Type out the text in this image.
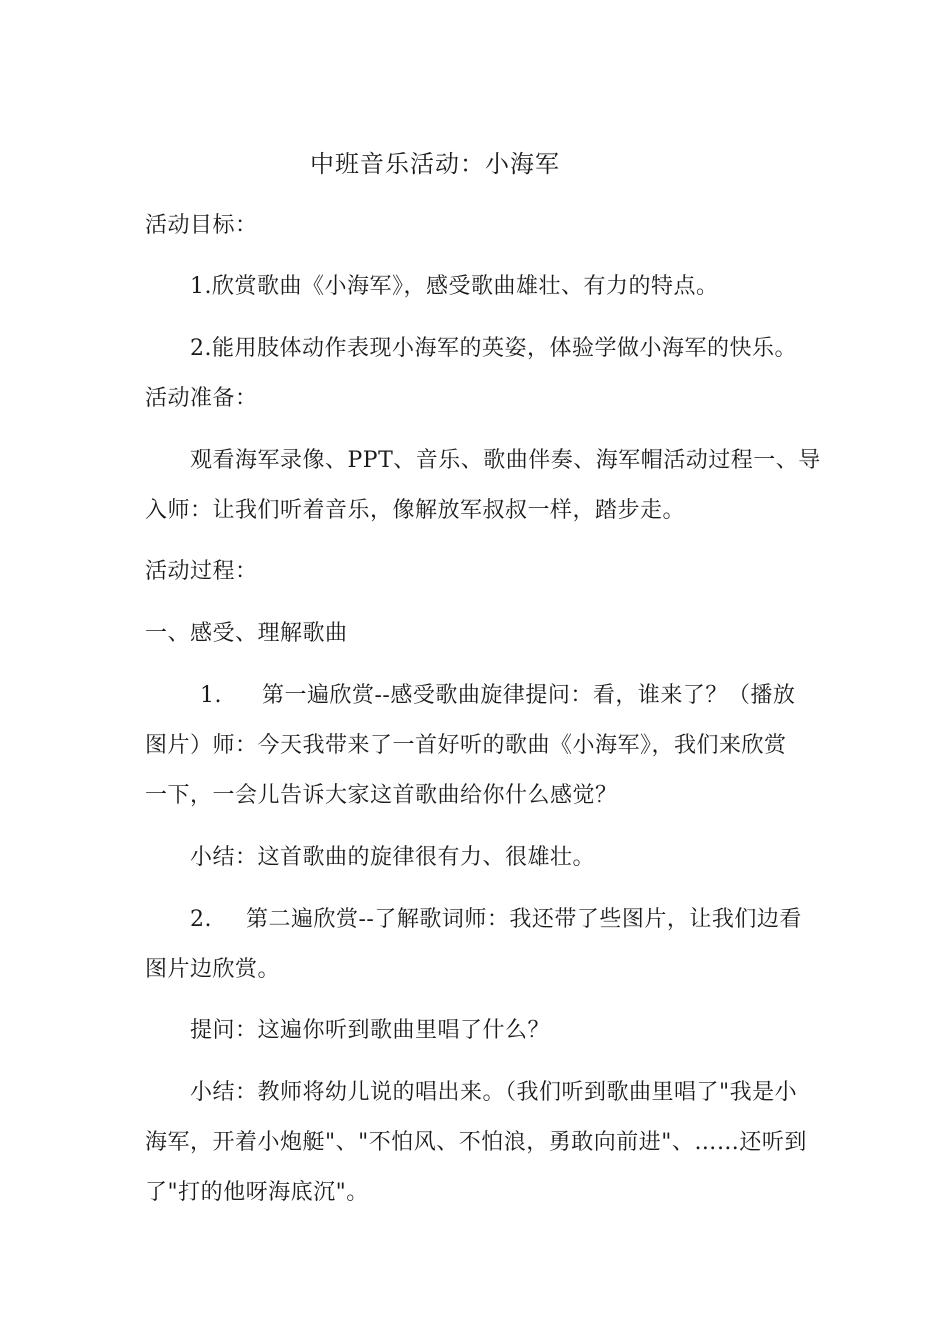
中班音乐活动：小海军
活动目标：
1.欣赏歌曲《小海军》，感受歌曲雄壮、有力的特点。
2.能用肢体动作表现小海军的英姿，体验学做小海军的快乐。
活动准备：
观看海军录像、PPT、音乐、歌曲伴奏、海军帽活动过程一、导
入师：让我们听着音乐，像解放军叔叔一样，踏步走。
活动过程：
一、感受、理解歌曲
1. 第一遍欣赏--感受歌曲旋律提问：看，谁来了？（播放
图片）师：今天我带来了一首好听的歌曲《小海军》，我们来欣赏
一下，一会儿告诉大家这首歌曲给你什么感觉？
小结：这首歌曲的旋律很有力、很雄壮。
2. 第二遍欣赏--了解歌词师：我还带了些图片，让我们边看
图片边欣赏。
提问：这遍你听到歌曲里唱了什么？
小结：教师将幼儿说的唱出来。（我们听到歌曲里唱了"我是小
海军，开着小炮艇"、"不怕风、不怕浪，勇敢向前进"、……还听到
了"打的他呀海底沉"。
